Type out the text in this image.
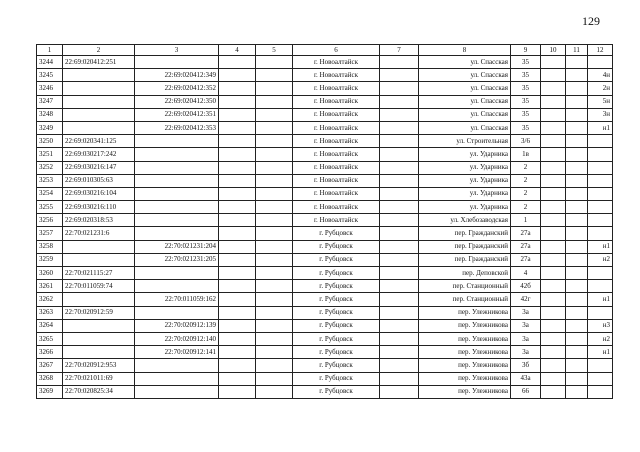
129
1	2	3	4	5	6	7	8	9	10	11	12
3244	22:69:020412:251				г. Новоалтайск		ул. Спасская	35			
3245		22:69:020412:349			г. Новоалтайск		ул. Спасская	35			4н
3246		22:69:020412:352			г. Новоалтайск		ул. Спасская	35			2н
3247		22:69:020412:350			г. Новоалтайск		ул. Спасская	35			5н
3248		22:69:020412:351			г. Новоалтайск		ул. Спасская	35			3н
3249		22:69:020412:353			г. Новоалтайск		ул. Спасская	35			н1
3250	22:69:020341:125				г. Новоалтайск		ул. Строительная	3/6			
3251	22:69:030217:242				г. Новоалтайск		ул. Ударника	1в			
3252	22:69:030216:147				г. Новоалтайск		ул. Ударника	2			
3253	22:69:010305:63				г. Новоалтайск		ул. Ударника	2			
3254	22:69:030216:104				г. Новоалтайск		ул. Ударника	2			
3255	22:69:030216:110				г. Новоалтайск		ул. Ударника	2			
3256	22:69:020318:53				г. Новоалтайск		ул. Хлебозаводская	1			
3257	22:70:021231:6				г. Рубцовск		пер. Гражданский	27а			
3258		22:70:021231:204			г. Рубцовск		пер. Гражданский	27а			н1
3259		22:70:021231:205			г. Рубцовск		пер. Гражданский	27а			н2
3260	22:70:021115:27				г. Рубцовск		пер. Деповской	4			
3261	22:70:011059:74				г. Рубцовск		пер. Станционный	42б			
3262		22:70:011059:162			г. Рубцовск		пер. Станционный	42г			н1
3263	22:70:020912:59				г. Рубцовск		пер. Улежникова	3а			
3264		22:70:020912:139			г. Рубцовск		пер. Улежникова	3а			н3
3265		22:70:020912:140			г. Рубцовск		пер. Улежникова	3а			н2
3266		22:70:020912:141			г. Рубцовск		пер. Улежникова	3а			н1
3267	22:70:020912:953				г. Рубцовск		пер. Улежникова	3б			
3268	22:70:021011:69				г. Рубцовск		пер. Улежникова	43а			
3269	22:70:020825:34				г. Рубцовск		пер. Улежникова	66			
